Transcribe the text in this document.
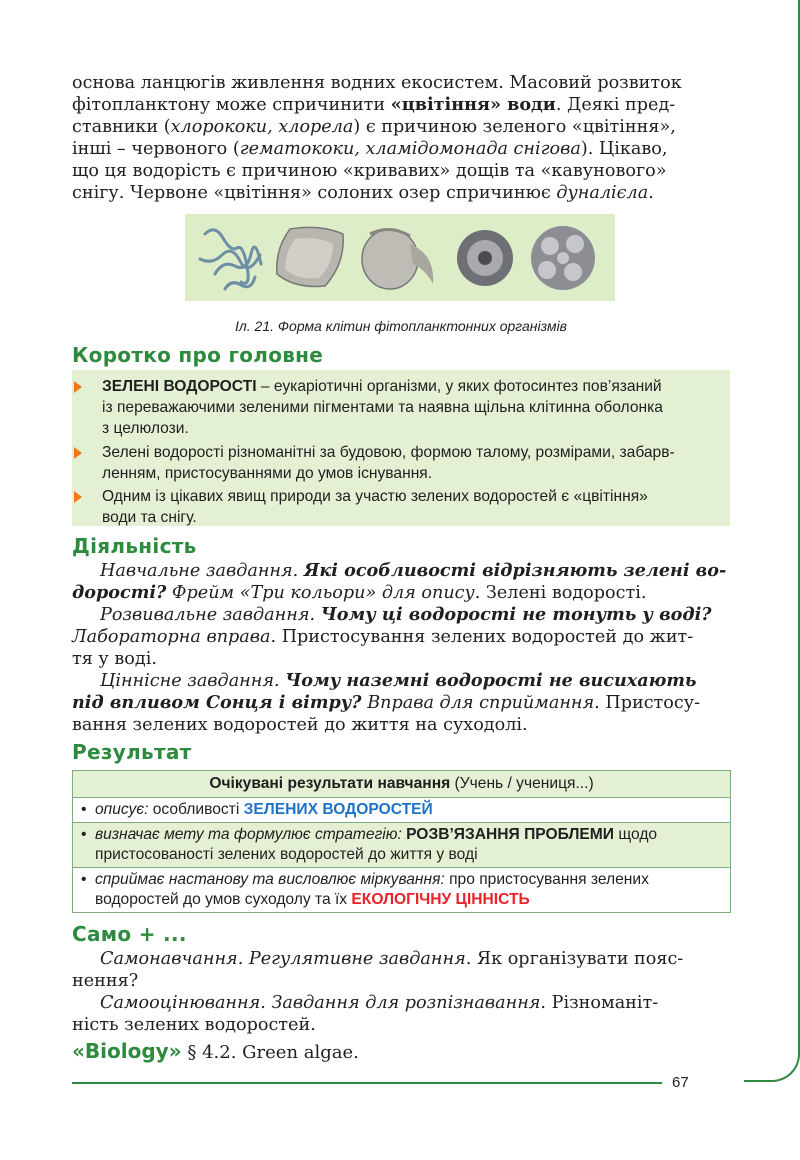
основа ланцюгів живлення водних екосистем. Масовий розвиток
фітопланктону може спричинити «цвітіння» води. Деякі пред-
ставники (хлорококи, хлорела) є причиною зеленого «цвітіння»,
інші – червоного (гематококи, хламідомонада снігова). Цікаво,
що ця водорість є причиною «кривавих» дощів та «кавунового»
снігу. Червоне «цвітіння» солоних озер спричинює дуналієла.

Іл. 21. Форма клітин фітопланктонних організмів

Коротко про головне

ЗЕЛЕНІ ВОДОРОСТІ – еукаріотичні організми, у яких фотосинтез пов’язаний
із переважаючими зеленими пігментами та наявна щільна клітинна оболонка
з целюлози.

Зелені водорості різноманітні за будовою, формою талому, розмірами, забарв-
ленням, пристосуваннями до умов існування.

Одним із цікавих явищ природи за участю зелених водоростей є «цвітіння»
води та снігу.

Діяльність

Навчальне завдання. Які особливості відрізняють зелені во-
дорості? Фрейм «Три кольори» для опису. Зелені водорості.

Розвивальне завдання. Чому ці водорості не тонуть у воді?
Лабораторна вправа. Пристосування зелених водоростей до жит-
тя у воді.

Ціннісне завдання. Чому наземні водорості не висихають
під впливом Сонця і вітру? Вправа для сприймання. Пристосу-
вання зелених водоростей до життя на суходолі.

Результат
Очікувані результати навчання (Учень / учениця...)

• описує: особливості ЗЕЛЕНИХ ВОДОРОСТЕЙ

• визначає мету та формулює стратегію: РОЗВ’ЯЗАННЯ ПРОБЛЕМИ щодо
пристосованості зелених водоростей до життя у воді

• сприймає настанову та висловлює міркування: про пристосування зелених
водоростей до умов суходолу та їх ЕКОЛОГІЧНУ ЦІННІСТЬ
Само + ...

Самонавчання. Регулятивне завдання. Як організувати пояс-
нення?

Самооцінювання. Завдання для розпізнавання. Різноманіт-
ність зелених водоростей.

«Biology» § 4.2. Green algae.

67
